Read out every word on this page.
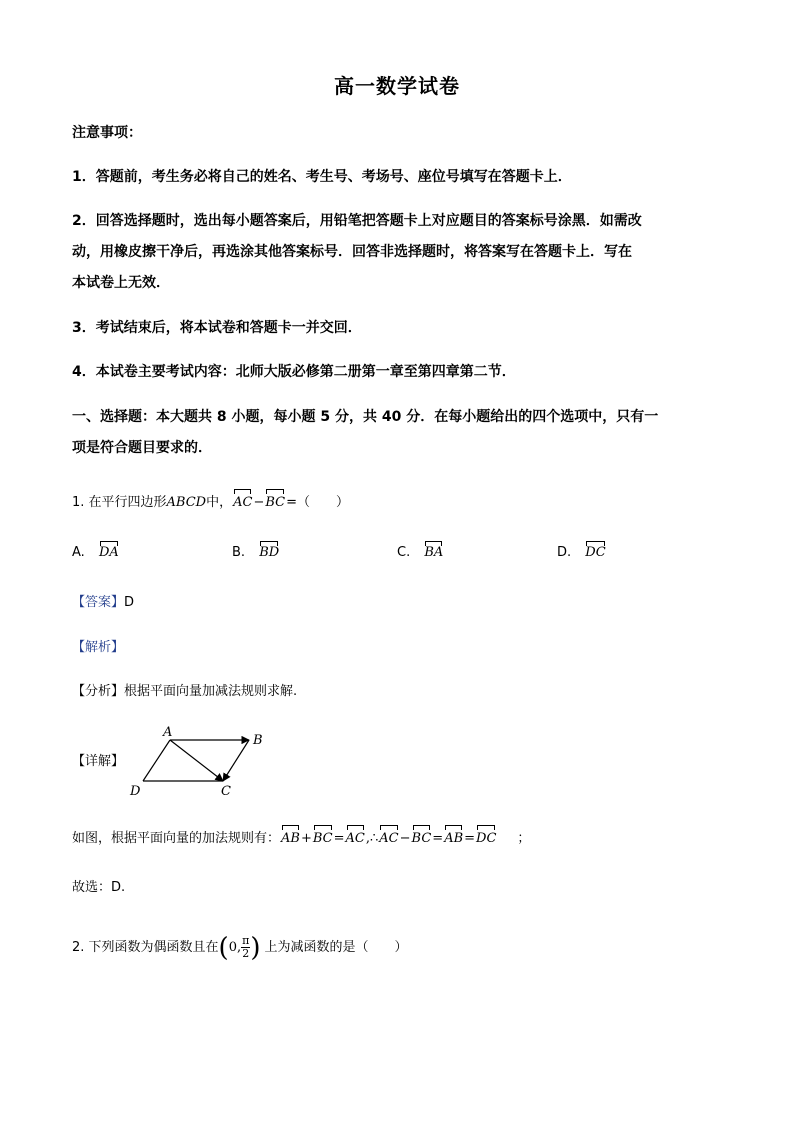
高一数学试卷
注意事项：
1．答题前，考生务必将自己的姓名、考生号、考场号、座位号填写在答题卡上．
2．回答选择题时，选出每小题答案后，用铅笔把答题卡上对应题目的答案标号涂黑．如需改
动，用橡皮擦干净后，再选涂其他答案标号．回答非选择题时，将答案写在答题卡上．写在
本试卷上无效．
3．考试结束后，将本试卷和答题卡一并交回．
4．本试卷主要考试内容：北师大版必修第二册第一章至第四章第二节．
一、选择题：本大题共 8 小题，每小题 5 分，共 40 分．在每小题给出的四个选项中，只有一
项是符合题目要求的．
1. 在平行四边形ABCD中，AC−BC=（　　）
A. DA	B. BD	C. BA	D. DC
【答案】D
【解析】
【分析】根据平面向量加减法规则求解.
【详解】
A
B
C
D
如图，根据平面向量的加法规则有：AB+BC=AC,∴AC−BC=AB=DC ；
故选：D.
2. 下列函数为偶函数且在(0, $\frac{\pi}{2}$ ) 上为减函数的是（　　）
